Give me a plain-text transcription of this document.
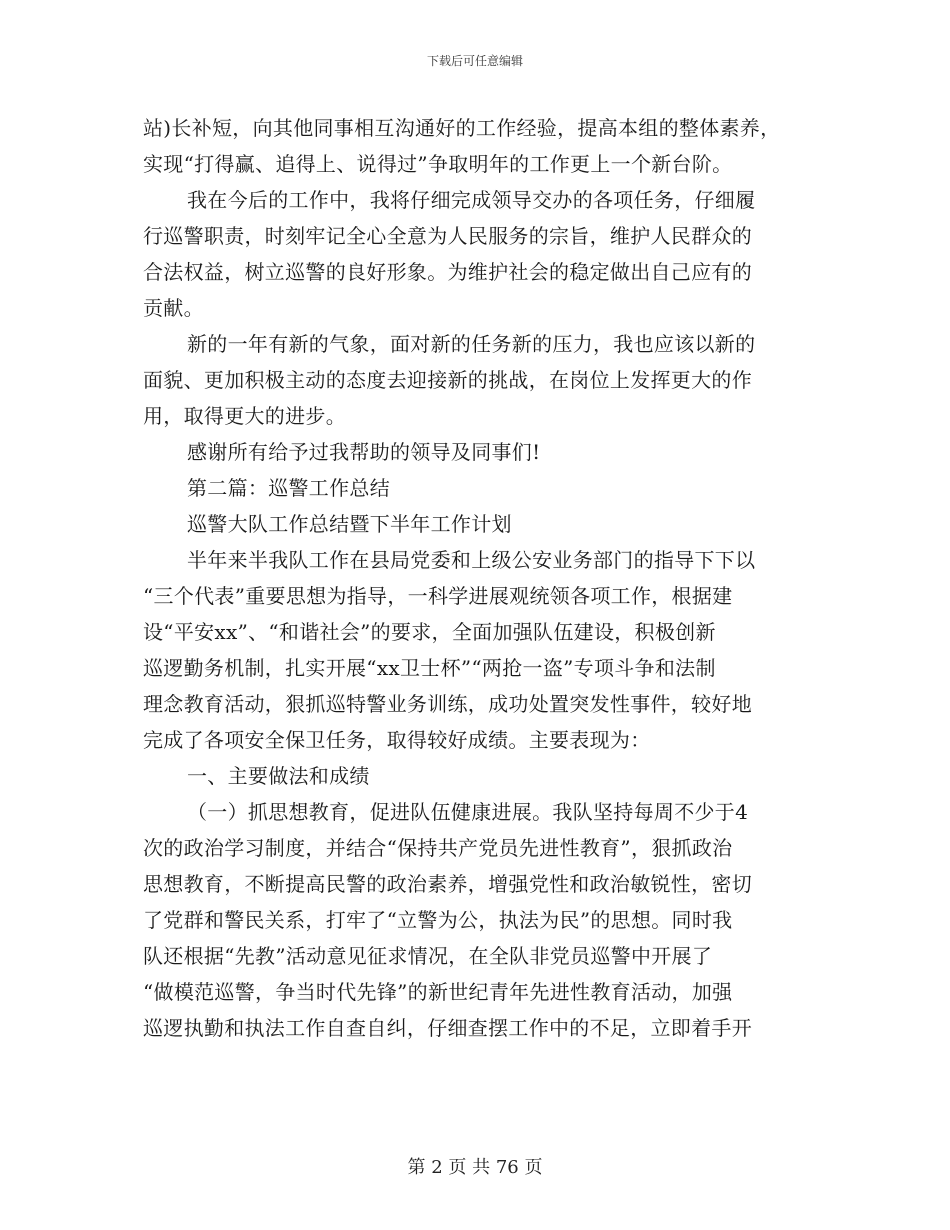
下载后可任意编辑
站)长补短，向其他同事相互沟通好的工作经验，提高本组的整体素养，
实现“打得赢、追得上、说得过”争取明年的工作更上一个新台阶。
我在今后的工作中，我将仔细完成领导交办的各项任务，仔细履
行巡警职责，时刻牢记全心全意为人民服务的宗旨，维护人民群众的
合法权益，树立巡警的良好形象。为维护社会的稳定做出自己应有的
贡献。
新的一年有新的气象，面对新的任务新的压力，我也应该以新的
面貌、更加积极主动的态度去迎接新的挑战，在岗位上发挥更大的作
用，取得更大的进步。
感谢所有给予过我帮助的领导及同事们!
第二篇：巡警工作总结
巡警大队工作总结暨下半年工作计划
半年来半我队工作在县局党委和上级公安业务部门的指导下下以
“三个代表”重要思想为指导，一科学进展观统领各项工作，根据建
设“平安xx”、“和谐社会”的要求，全面加强队伍建设，积极创新
巡逻勤务机制，扎实开展“xx卫士杯”“两抢一盗”专项斗争和法制
理念教育活动，狠抓巡特警业务训练，成功处置突发性事件，较好地
完成了各项安全保卫任务，取得较好成绩。主要表现为：
一、主要做法和成绩
（一）抓思想教育，促进队伍健康进展。我队坚持每周不少于4
次的政治学习制度，并结合“保持共产党员先进性教育”，狠抓政治
思想教育，不断提高民警的政治素养，增强党性和政治敏锐性，密切
了党群和警民关系，打牢了“立警为公，执法为民”的思想。同时我
队还根据“先教”活动意见征求情况，在全队非党员巡警中开展了
“做模范巡警，争当时代先锋”的新世纪青年先进性教育活动，加强
巡逻执勤和执法工作自查自纠，仔细查摆工作中的不足，立即着手开
第 2 页 共 76 页
